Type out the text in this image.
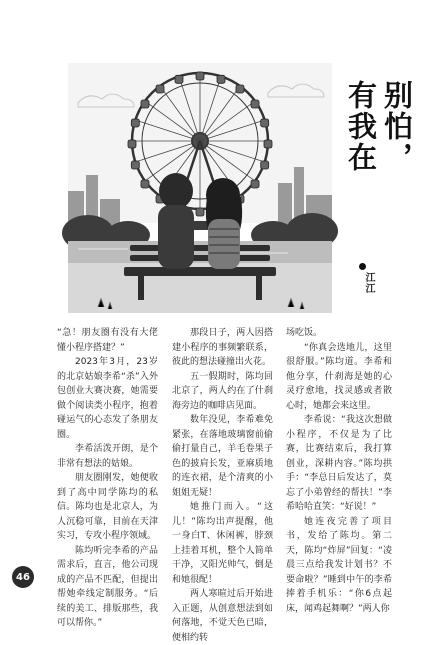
别怕，
有我在
江江

“急！朋友圈有没有大佬懂小程序搭建？”

2023年3月，23岁的北京姑娘李希“杀”入外包创业大赛决赛，她需要做个阅读类小程序，抱着碰运气的心态发了条朋友圈。

李希活泼开朗，是个非常有想法的姑娘。

朋友圈刚发，她便收到了高中同学陈均的私信。陈均也是北京人，为人沉稳可靠，目前在天津实习，专攻小程序领域。

陈均听完李希的产品需求后，直言，他公司现成的产品不匹配，但提出帮她牵线定制服务。“后续的美工、排版那些，我可以帮你。”

那段日子，两人因搭建小程序的事频繁联系，彼此的想法碰撞出火花。

五一假期时，陈均回北京了，两人约在了什刹海旁边的咖啡店见面。

数年没见，李希难免紧张，在落地玻璃窗前偷偷打量自己，羊毛卷果子色的披肩长发，亚麻质地的连衣裙，是个清爽的小姐姐无疑！

她推门而入。“这儿！”陈均出声提醒，他一身白T、休闲裤，脖颈上挂着耳机，整个人简单干净，又阳光帅气，倒是和她很配！

两人寒暄过后开始进入正题，从创意想法到如何落地，不觉天色已暗，便相约转

场吃饭。

“你真会选地儿，这里很舒服。”陈均道。李希和他分享，什刹海是她的心灵疗愈地，找灵感或者散心时，她都会来这里。

李希说：“我这次想做小程序，不仅是为了比赛，比赛结束后，我打算创业，深耕内容。”陈均拱手：“李总日后发达了，莫忘了小弟曾经的帮扶！”李希哈哈直笑：“好说！”

她连夜完善了项目书，发给了陈均。第二天，陈均“炸屏”回复：“凌晨三点给我发计划书？不要命啦？”睡到中午的李希捧着手机乐：“你6点起床，闻鸡起舞啊？”两人你

46
